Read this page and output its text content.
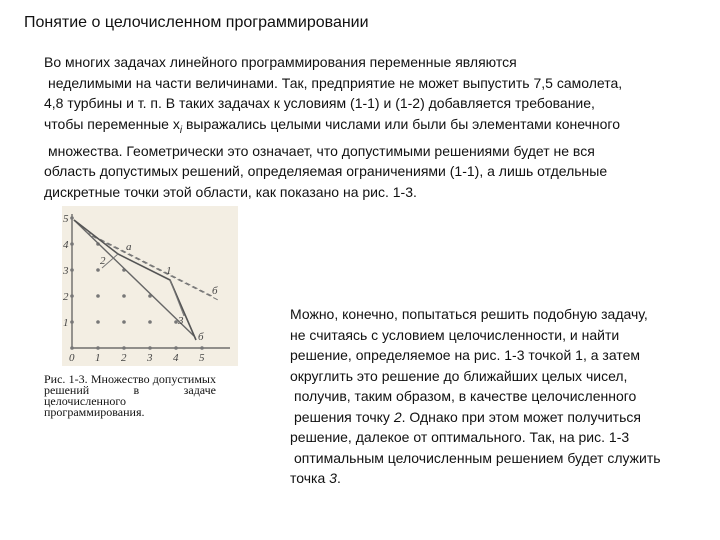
Понятие о целочисленном программировании
Во многих задачах линейного программирования переменные являются
неделимыми на части величинами. Так, предприятие не может выпустить 7,5 самолета,
4,8 турбины и т. п. В таких задачах к условиям (1-1) и (1-2) добавляется требование,
чтобы переменные $x_i$ выражались целыми числами или были бы элементами конечного
множества. Геометрически это означает, что допустимыми решениями будет не вся
область допустимых решений, определяемая ограничениями (1-1), а лишь отдельные
дискретные точки этой области, как показано на рис. 1-3.
0 1 2 3 4 5
1
2
3
4
5
a
1
2
б
3
б
Рис. 1-3. Множество допустимых решений в задаче целочисленного программирования.
Можно, конечно, попытаться решить подобную задачу,
не считаясь с условием целочисленности, и найти
решение, определяемое на рис. 1-3 точкой 1, а затем
округлить это решение до ближайших целых чисел,
получив, таким образом, в качестве целочисленного
решения точку 2. Однако при этом может получиться
решение, далекое от оптимального. Так, на рис. 1-3
оптимальным целочисленным решением будет служить
точка 3.
